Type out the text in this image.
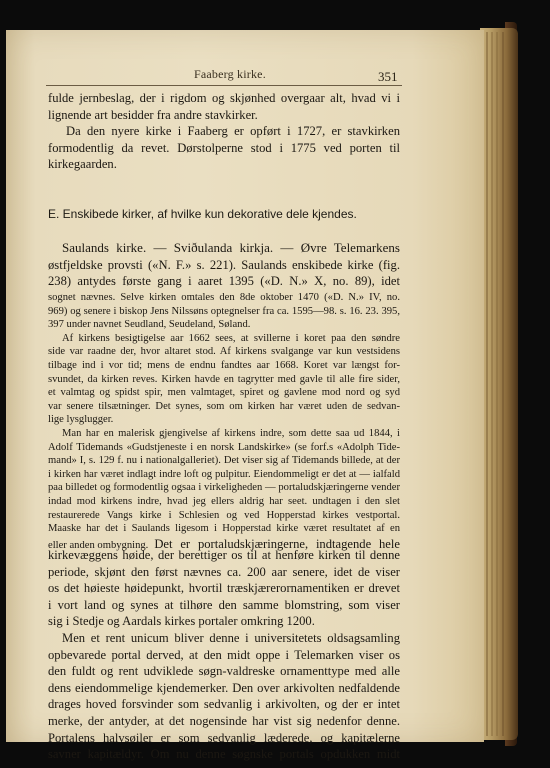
Faaberg kirke.	351
fulde jernbeslag, der i rigdom og skjønhed overgaar alt, hvad vi i
lignende art besidder fra andre stavkirker.
Da den nyere kirke i Faaberg er opført i 1727, er stavkirken
formodentlig da revet. Dørstolperne stod i 1775 ved porten til
kirkegaarden.
E. Enskibede kirker, af hvilke kun dekorative dele kjendes.
Saulands kirke. — Sviðulanda kirkja. — Øvre Telemarkens
østfjeldske provsti («N. F.» s. 221). Saulands enskibede kirke (fig.
238) antydes første gang i aaret 1395 («D. N.» X, no. 89), idet
sognet nævnes. Selve kirken omtales den 8de oktober 1470 («D. N.» IV, no.
969) og senere i biskop Jens Nilssøns optegnelser fra ca. 1595—98. s. 16. 23. 395,
397 under navnet Seudland, Seudeland, Søland.
Af kirkens besigtigelse aar 1662 sees, at svillerne i koret paa den søndre
side var raadne der, hvor altaret stod. Af kirkens svalgange var kun vestsidens
tilbage ind i vor tid; mens de endnu fandtes aar 1668. Koret var længst for-
svundet, da kirken reves. Kirken havde en tagrytter med gavle til alle fire sider,
et valmtag og spidst spir, men valmtaget, spiret og gavlene mod nord og syd
var senere tilsætninger. Det synes, som om kirken har været uden de sedvan-
lige lysglugger.
Man har en malerisk gjengivelse af kirkens indre, som dette saa ud 1844, i
Adolf Tidemands «Gudstjeneste i en norsk Landskirke» (se forf.s «Adolph Tide-
mand» I, s. 129 f. nu i nationalgalleriet). Det viser sig af Tidemands billede, at der
i kirken har været indlagt indre loft og pulpitur. Eiendommeligt er det at — ialfald
paa billedet og formodentlig ogsaa i virkeligheden — portaludskjæringerne vender
indad mod kirkens indre, hvad jeg ellers aldrig har seet. undtagen i den slet
restaurerede Vangs kirke i Schlesien og ved Hopperstad kirkes vestportal.
Maaske har det i Saulands ligesom i Hopperstad kirke været resultatet af en
eller anden ombygning. Det er portaludskjæringerne, indtagende hele
kirkevæggens høide, der berettiger os til at henføre kirken til denne
periode, skjønt den først nævnes ca. 200 aar senere, idet de viser
os det høieste høidepunkt, hvortil træskjærerornamentiken er drevet
i vort land og synes at tilhøre den samme blomstring, som viser
sig i Stedje og Aardals kirkes portaler omkring 1200.
Men et rent unicum bliver denne i universitetets oldsagsamling
opbevarede portal derved, at den midt oppe i Telemarken viser os
den fuldt og rent udviklede søgn-valdreske ornamenttype med alle
dens eiendommelige kjendemerker. Den over arkivolten nedfaldende
drages hoved forsvinder som sedvanlig i arkivolten, og der er intet
merke, der antyder, at det nogensinde har vist sig nedenfor denne.
Portalens halvsøiler er som sedvanlig læderede, og kapitælerne
savner kapitældyr. Om nu denne søgnske portals opdukken midt
